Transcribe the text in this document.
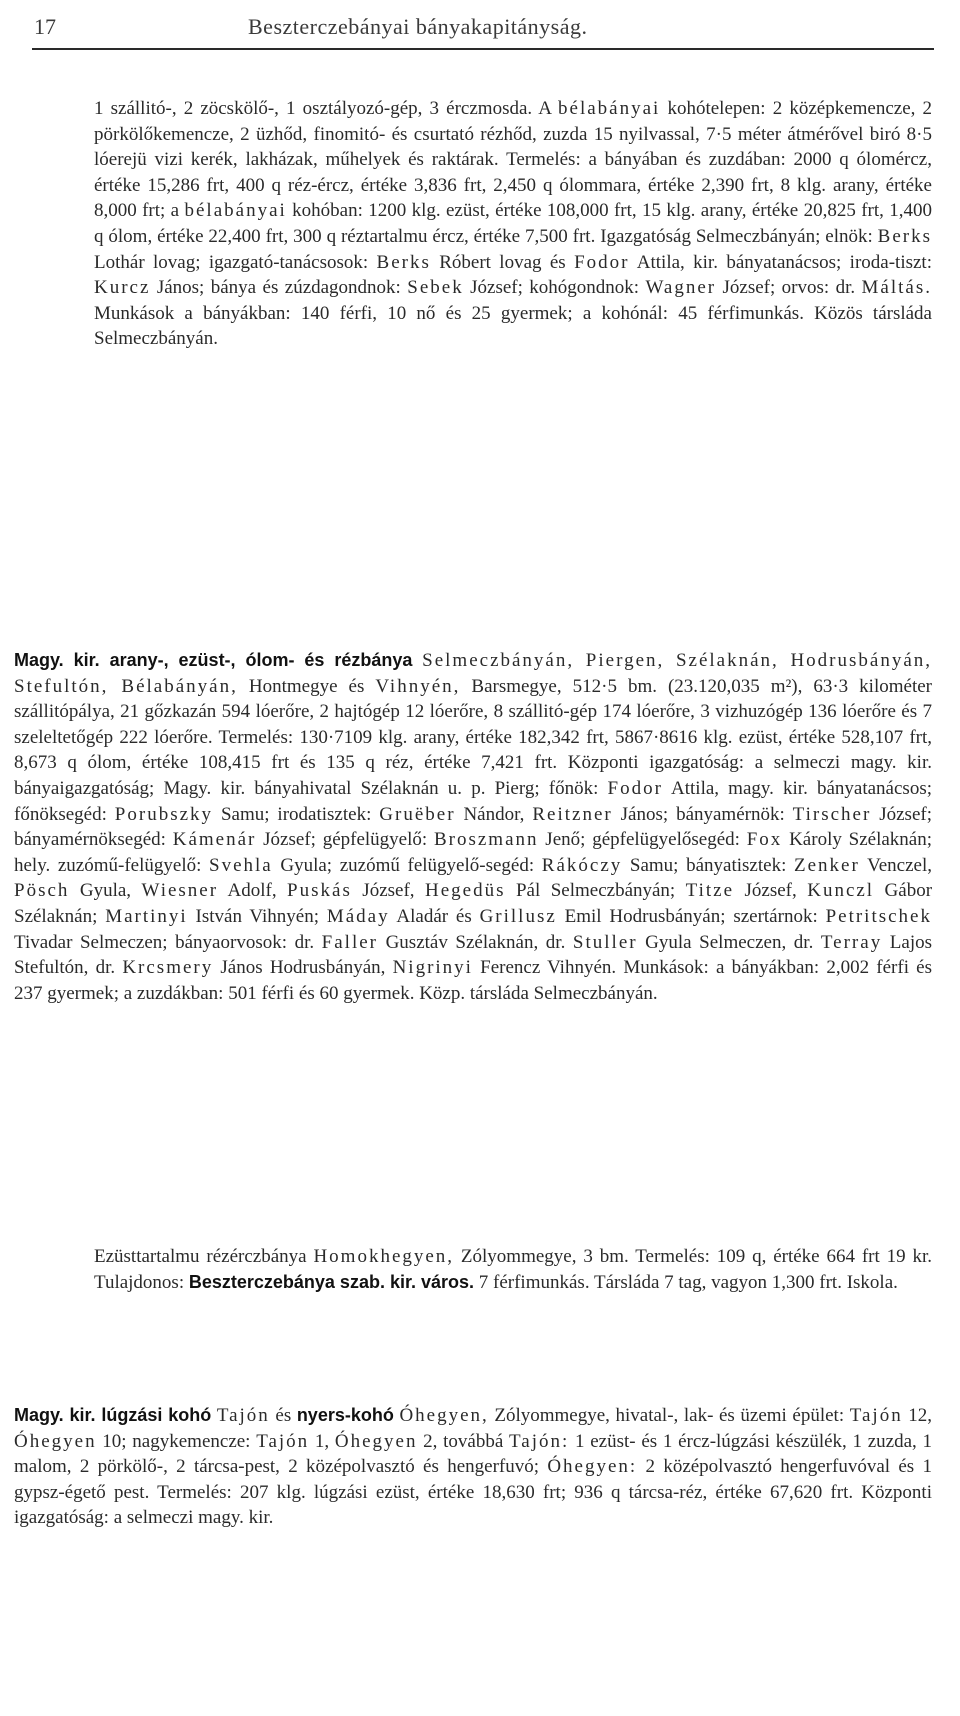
17	Beszterczebányai bányakapitányság.

1 szállitó-, 2 zöcskölő-, 1 osztályozó-gép, 3 érczmosda. A bélabányai kohótelepen: 2 középkemencze, 2 pörkölőkemencze, 2 üzhőd, finomitó- és csurtató rézhőd, zuzda 15 nyilvassal, 7·5 méter átmérővel biró 8·5 lóerejü vizi kerék, lakházak, műhelyek és raktárak. Termelés: a bányában és zuzdában: 2000 q ólomércz, értéke 15,286 frt, 400 q réz-ércz, értéke 3,836 frt, 2,450 q ólommara, értéke 2,390 frt, 8 klg. arany, értéke 8,000 frt; a bélabányai kohóban: 1200 klg. ezüst, értéke 108,000 frt, 15 klg. arany, értéke 20,825 frt, 1,400 q ólom, értéke 22,400 frt, 300 q réztartalmu ércz, értéke 7,500 frt. Igazgatóság Selmeczbányán; elnök: Berks Lothár lovag; igazgató-tanácsosok: Berks Róbert lovag és Fodor Attila, kir. bányatanácsos; iroda-tiszt: Kurcz János; bánya és zúzdagondnok: Sebek József; kohógondnok: Wagner József; orvos: dr. Máltás. Munkások a bányákban: 140 férfi, 10 nő és 25 gyermek; a kohónál: 45 férfimunkás. Közös társláda Selmeczbányán.

Magy. kir. arany-, ezüst-, ólom- és rézbánya Selmeczbányán, Piergen, Szélaknán, Hodrusbányán, Stefultón, Bélabányán, Hontmegye és Vihnyén, Barsmegye, 512·5 bm. (23.120,035 m²), 63·3 kilométer szállitópálya, 21 gőzkazán 594 lóerőre, 2 hajtógép 12 lóerőre, 8 szállitó-gép 174 lóerőre, 3 vizhuzógép 136 lóerőre és 7 szeleltetőgép 222 lóerőre. Termelés: 130·7109 klg. arany, értéke 182,342 frt, 5867·8616 klg. ezüst, értéke 528,107 frt, 8,673 q ólom, értéke 108,415 frt és 135 q réz, értéke 7,421 frt. Központi igazgatóság: a selmeczi magy. kir. bányaigazgatóság; Magy. kir. bányahivatal Szélaknán u. p. Pierg; főnök: Fodor Attila, magy. kir. bányatanácsos; főnöksegéd: Porubszky Samu; irodatisztek: Gruëber Nándor, Reitzner János; bányamérnök: Tirscher József; bányamérnöksegéd: Kámenár József; gépfelügyelő: Broszmann Jenő; gépfelügyelősegéd: Fox Károly Szélaknán; hely. zuzómű-felügyelő: Svehla Gyula; zuzómű felügyelő-segéd: Rákóczy Samu; bányatisztek: Zenker Venczel, Pösch Gyula, Wiesner Adolf, Puskás József, Hegedüs Pál Selmeczbányán; Titze József, Kunczl Gábor Szélaknán; Martinyi István Vihnyén; Máday Aladár és Grillusz Emil Hodrusbányán; szertárnok: Petritschek Tivadar Selmeczen; bányaorvosok: dr. Faller Gusztáv Szélaknán, dr. Stuller Gyula Selmeczen, dr. Terray Lajos Stefultón, dr. Krcsmery János Hodrusbányán, Nigrinyi Ferencz Vihnyén. Munkások: a bányákban: 2,002 férfi és 237 gyermek; a zuzdákban: 501 férfi és 60 gyermek. Közp. társláda Selmeczbányán.

Ezüsttartalmu rézérczbánya Homokhegyen, Zólyommegye, 3 bm. Termelés: 109 q, értéke 664 frt 19 kr. Tulajdonos: Beszterczebánya szab. kir. város. 7 férfimunkás. Társláda 7 tag, vagyon 1,300 frt. Iskola.

Magy. kir. lúgzási kohó Tajón és nyers-kohó Óhegyen, Zólyommegye, hivatal-, lak- és üzemi épület: Tajón 12, Óhegyen 10; nagykemencze: Tajón 1, Óhegyen 2, továbbá Tajón: 1 ezüst- és 1 ércz-lúgzási készülék, 1 zuzda, 1 malom, 2 pörkölő-, 2 tárcsa-pest, 2 középolvasztó és hengerfuvó; Óhegyen: 2 középolvasztó hengerfuvóval és 1 gypsz-égető pest. Termelés: 207 klg. lúgzási ezüst, értéke 18,630 frt; 936 q tárcsa-réz, értéke 67,620 frt. Központi igazgatóság: a selmeczi magy. kir.
